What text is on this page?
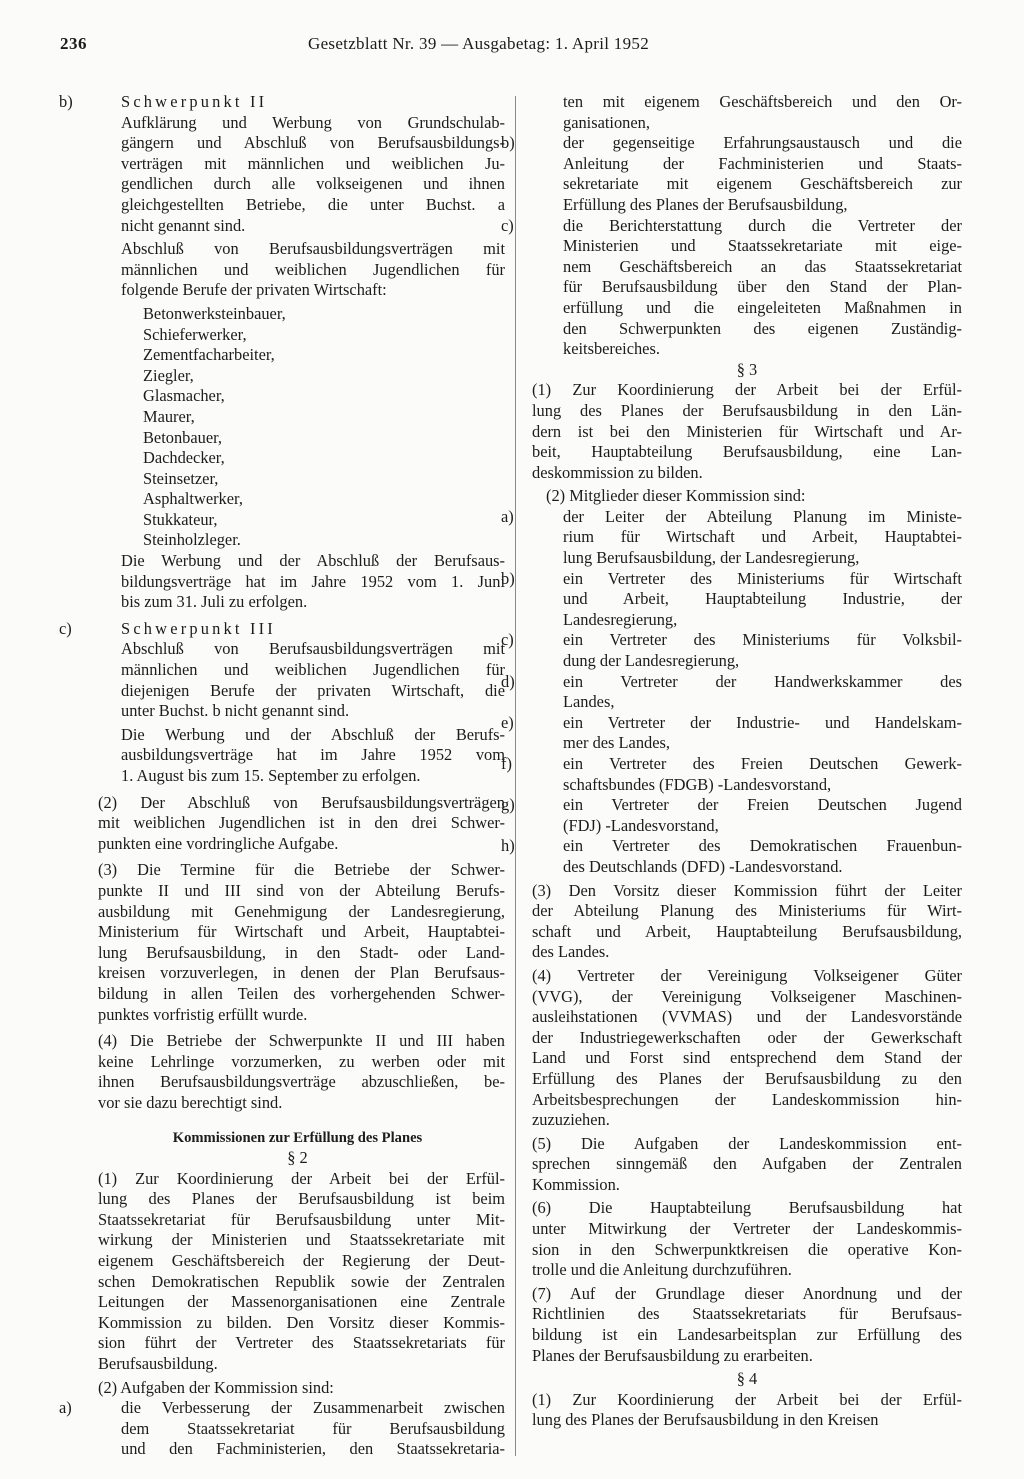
236	Gesetzblatt Nr. 39 — Ausgabetag: 1. April 1952
b)	Schwerpunkt II
Aufklärung und Werbung von Grundschulab-
gängern und Abschluß von Berufsausbildungs-
verträgen mit männlichen und weiblichen Ju-
gendlichen durch alle volkseigenen und ihnen
gleichgestellten Betriebe, die unter Buchst. a
nicht genannt sind.
Abschluß von Berufsausbildungsverträgen mit
männlichen und weiblichen Jugendlichen für
folgende Berufe der privaten Wirtschaft:
Betonwerksteinbauer,
Schieferwerker,
Zementfacharbeiter,
Ziegler,
Glasmacher,
Maurer,
Betonbauer,
Dachdecker,
Steinsetzer,
Asphaltwerker,
Stukkateur,
Steinholzleger.
Die Werbung und der Abschluß der Berufsaus-
bildungsverträge hat im Jahre 1952 vom 1. Juni
bis zum 31. Juli zu erfolgen.
c)	Schwerpunkt III
Abschluß von Berufsausbildungsverträgen mit
männlichen und weiblichen Jugendlichen für
diejenigen Berufe der privaten Wirtschaft, die
unter Buchst. b nicht genannt sind.
Die Werbung und der Abschluß der Berufs-
ausbildungsverträge hat im Jahre 1952 vom
1. August bis zum 15. September zu erfolgen.
(2) Der Abschluß von Berufsausbildungsverträgen
mit weiblichen Jugendlichen ist in den drei Schwer-
punkten eine vordringliche Aufgabe.
(3) Die Termine für die Betriebe der Schwer-
punkte II und III sind von der Abteilung Berufs-
ausbildung mit Genehmigung der Landesregierung,
Ministerium für Wirtschaft und Arbeit, Hauptabtei-
lung Berufsausbildung, in den Stadt- oder Land-
kreisen vorzuverlegen, in denen der Plan Berufsaus-
bildung in allen Teilen des vorhergehenden Schwer-
punktes vorfristig erfüllt wurde.
(4) Die Betriebe der Schwerpunkte II und III haben
keine Lehrlinge vorzumerken, zu werben oder mit
ihnen Berufsausbildungsverträge abzuschließen, be-
vor sie dazu berechtigt sind.
Kommissionen zur Erfüllung des Planes
§ 2
(1) Zur Koordinierung der Arbeit bei der Erfül-
lung des Planes der Berufsausbildung ist beim
Staatssekretariat für Berufsausbildung unter Mit-
wirkung der Ministerien und Staatssekretariate mit
eigenem Geschäftsbereich der Regierung der Deut-
schen Demokratischen Republik sowie der Zentralen
Leitungen der Massenorganisationen eine Zentrale
Kommission zu bilden. Den Vorsitz dieser Kommis-
sion führt der Vertreter des Staatssekretariats für
Berufsausbildung.
(2) Aufgaben der Kommission sind:
a)	die Verbesserung der Zusammenarbeit zwischen
dem Staatssekretariat für Berufsausbildung
und den Fachministerien, den Staatssekretaria-
ten mit eigenem Geschäftsbereich und den Or-
ganisationen,
b)	der gegenseitige Erfahrungsaustausch und die
Anleitung der Fachministerien und Staats-
sekretariate mit eigenem Geschäftsbereich zur
Erfüllung des Planes der Berufsausbildung,
c)	die Berichterstattung durch die Vertreter der
Ministerien und Staatssekretariate mit eige-
nem Geschäftsbereich an das Staatssekretariat
für Berufsausbildung über den Stand der Plan-
erfüllung und die eingeleiteten Maßnahmen in
den Schwerpunkten des eigenen Zuständig-
keitsbereiches.
§ 3
(1) Zur Koordinierung der Arbeit bei der Erfül-
lung des Planes der Berufsausbildung in den Län-
dern ist bei den Ministerien für Wirtschaft und Ar-
beit, Hauptabteilung Berufsausbildung, eine Lan-
deskommission zu bilden.
(2) Mitglieder dieser Kommission sind:
a)	der Leiter der Abteilung Planung im Ministe-
rium für Wirtschaft und Arbeit, Hauptabtei-
lung Berufsausbildung, der Landesregierung,
b)	ein Vertreter des Ministeriums für Wirtschaft
und Arbeit, Hauptabteilung Industrie, der
Landesregierung,
c)	ein Vertreter des Ministeriums für Volksbil-
dung der Landesregierung,
d)	ein Vertreter der Handwerkskammer des
Landes,
e)	ein Vertreter der Industrie- und Handelskam-
mer des Landes,
f)	ein Vertreter des Freien Deutschen Gewerk-
schaftsbundes (FDGB) -Landesvorstand,
g)	ein Vertreter der Freien Deutschen Jugend
(FDJ) -Landesvorstand,
h)	ein Vertreter des Demokratischen Frauenbun-
des Deutschlands (DFD) -Landesvorstand.
(3) Den Vorsitz dieser Kommission führt der Leiter
der Abteilung Planung des Ministeriums für Wirt-
schaft und Arbeit, Hauptabteilung Berufsausbildung,
des Landes.
(4) Vertreter der Vereinigung Volkseigener Güter
(VVG), der Vereinigung Volkseigener Maschinen-
ausleihstationen (VVMAS) und der Landesvorstände
der Industriegewerkschaften oder der Gewerkschaft
Land und Forst sind entsprechend dem Stand der
Erfüllung des Planes der Berufsausbildung zu den
Arbeitsbesprechungen der Landeskommission hin-
zuzuziehen.
(5) Die Aufgaben der Landeskommission ent-
sprechen sinngemäß den Aufgaben der Zentralen
Kommission.
(6) Die Hauptabteilung Berufsausbildung hat
unter Mitwirkung der Vertreter der Landeskommis-
sion in den Schwerpunktkreisen die operative Kon-
trolle und die Anleitung durchzuführen.
(7) Auf der Grundlage dieser Anordnung und der
Richtlinien des Staatssekretariats für Berufsaus-
bildung ist ein Landesarbeitsplan zur Erfüllung des
Planes der Berufsausbildung zu erarbeiten.
§ 4
(1) Zur Koordinierung der Arbeit bei der Erfül-
lung des Planes der Berufsausbildung in den Kreisen
